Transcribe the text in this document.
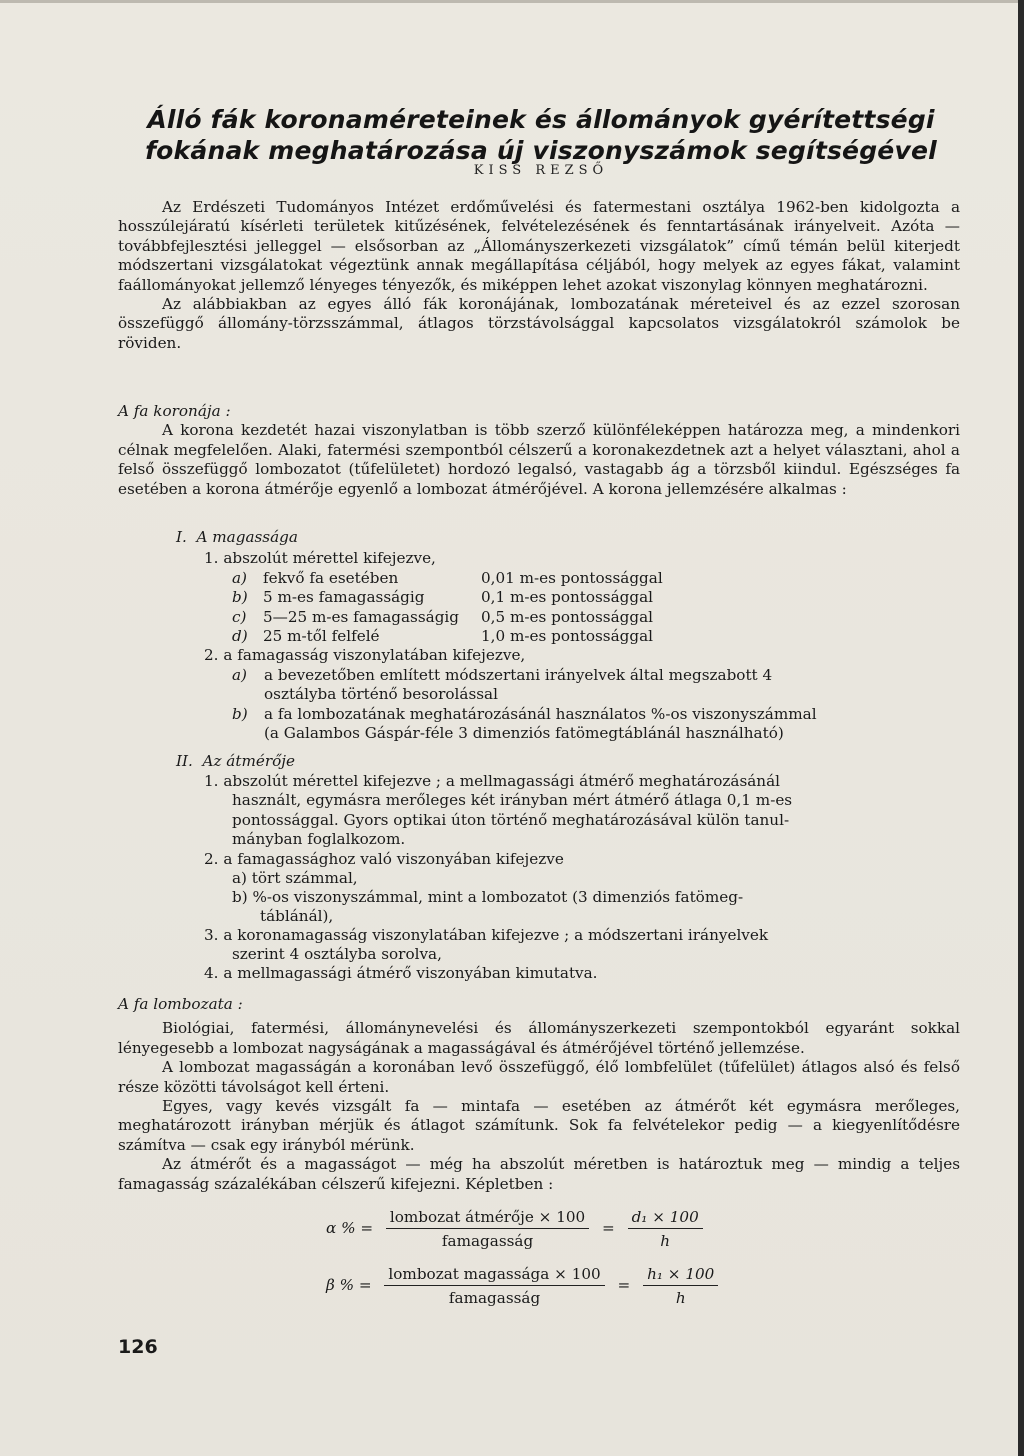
Álló fák koronaméreteinek és állományok gyérítettségi
fokának meghatározása új viszonyszámok segítségével
KISS REZSŐ

Az Erdészeti Tudományos Intézet erdőművelési és fatermestani osztálya 1962-ben kidolgozta a hosszúlejáratú kísérleti területek kitűzésének, felvételezésének és fenntartásának irányelveit. Azóta — továbbfejlesztési jelleggel — elsősorban az „Állományszerkezeti vizsgálatok” című témán belül kiterjedt módszertani vizsgálatokat végeztünk annak megállapítása céljából, hogy melyek az egyes fákat, valamint faállományokat jellemző lényeges tényezők, és miképpen lehet azokat viszonylag könnyen meghatározni.

Az alábbiakban az egyes álló fák koronájának, lombozatának méreteivel és az ezzel szorosan összefüggő állomány-törzsszámmal, átlagos törzstávolsággal kapcsolatos vizsgálatokról számolok be röviden.

A fa koronája :

A korona kezdetét hazai viszonylatban is több szerző különféleképpen határozza meg, a mindenkori célnak megfelelően. Alaki, fatermési szempontból célszerű a koronakezdetnek azt a helyet választani, ahol a felső összefüggő lombozatot (tűfelületet) hordozó legalsó, vastagabb ág a törzsből kiindul. Egészséges fa esetében a korona átmérője egyenlő a lombozat átmérőjével. A korona jellemzésére alkalmas :

I. A magassága
1. abszolút mérettel kifejezve,
a)	fekvő fa esetében	0,01 m-es pontossággal
b)	5 m-es famagasságig	0,1 m-es pontossággal
c)	5—25 m-es famagasságig	0,5 m-es pontossággal
d)	25 m-től felfelé	1,0 m-es pontossággal
2. a famagasság viszonylatában kifejezve,
a) a bevezetőben említett módszertani irányelvek által megszabott 4
osztályba történő besorolással
b) a fa lombozatának meghatározásánál használatos %-os viszonyszámmal
(a Galambos Gáspár-féle 3 dimenziós fatömegtáblánál használható)
II. Az átmérője
1. abszolút mérettel kifejezve ; a mellmagassági átmérő meghatározásánál
használt, egymásra merőleges két irányban mért átmérő átlaga 0,1 m-es
pontossággal. Gyors optikai úton történő meghatározásával külön tanul-
mányban foglalkozom.
2. a famagassághoz való viszonyában kifejezve
a) tört számmal,
b) %-os viszonyszámmal, mint a lombozatot (3 dimenziós fatömeg-
táblánál),
3. a koronamagasság viszonylatában kifejezve ; a módszertani irányelvek
szerint 4 osztályba sorolva,
4. a mellmagassági átmérő viszonyában kimutatva.

A fa lombozata :

Biológiai, fatermési, állománynevelési és állományszerkezeti szempontokból egyaránt sokkal lényegesebb a lombozat nagyságának a magasságával és átmérőjével történő jellemzése.

A lombozat magasságán a koronában levő összefüggő, élő lombfelület (tűfelület) átlagos alsó és felső része közötti távolságot kell érteni.

Egyes, vagy kevés vizsgált fa — mintafa — esetében az átmérőt két egymásra merőleges, meghatározott irányban mérjük és átlagot számítunk. Sok fa felvételekor pedig — a kiegyenlítődésre számítva — csak egy irányból mérünk.

Az átmérőt és a magasságot — még ha abszolút méretben is határoztuk meg — mindig a teljes famagasság százalékában célszerű kifejezni. Képletben :

α % = $\frac{\text{lombozat átmérője × 100}}{\text{famagasság}} = \frac{\text{d₁ × 100}}{h}$
β % = $\frac{\text{lombozat magassága × 100}}{\text{famagasság}} = \frac{\text{h₁ × 100}}{h}$
126
